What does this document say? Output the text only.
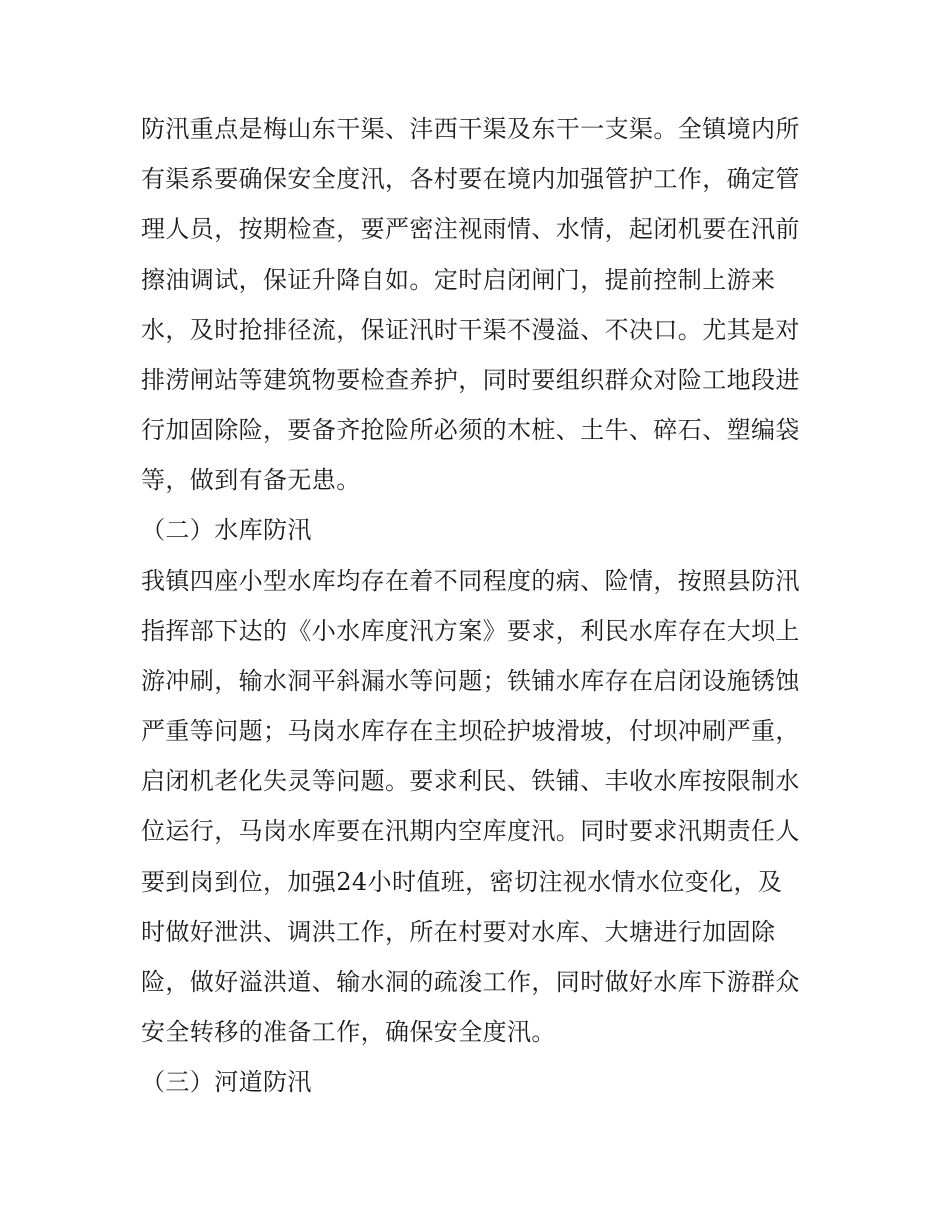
防汛重点是梅山东干渠、沣西干渠及东干一支渠。全镇境内所
有渠系要确保安全度汛，各村要在境内加强管护工作，确定管
理人员，按期检查，要严密注视雨情、水情，起闭机要在汛前
擦油调试，保证升降自如。定时启闭闸门，提前控制上游来
水，及时抢排径流，保证汛时干渠不漫溢、不决口。尤其是对
排涝闸站等建筑物要检查养护，同时要组织群众对险工地段进
行加固除险，要备齐抢险所必须的木桩、土牛、碎石、塑编袋
等，做到有备无患。
（二）水库防汛
我镇四座小型水库均存在着不同程度的病、险情，按照县防汛
指挥部下达的《小水库度汛方案》要求，利民水库存在大坝上
游冲刷，输水洞平斜漏水等问题；铁铺水库存在启闭设施锈蚀
严重等问题；马岗水库存在主坝砼护坡滑坡，付坝冲刷严重，
启闭机老化失灵等问题。要求利民、铁铺、丰收水库按限制水
位运行，马岗水库要在汛期内空库度汛。同时要求汛期责任人
要到岗到位，加强24小时值班，密切注视水情水位变化，及
时做好泄洪、调洪工作，所在村要对水库、大塘进行加固除
险，做好溢洪道、输水洞的疏浚工作，同时做好水库下游群众
安全转移的准备工作，确保安全度汛。
（三）河道防汛
